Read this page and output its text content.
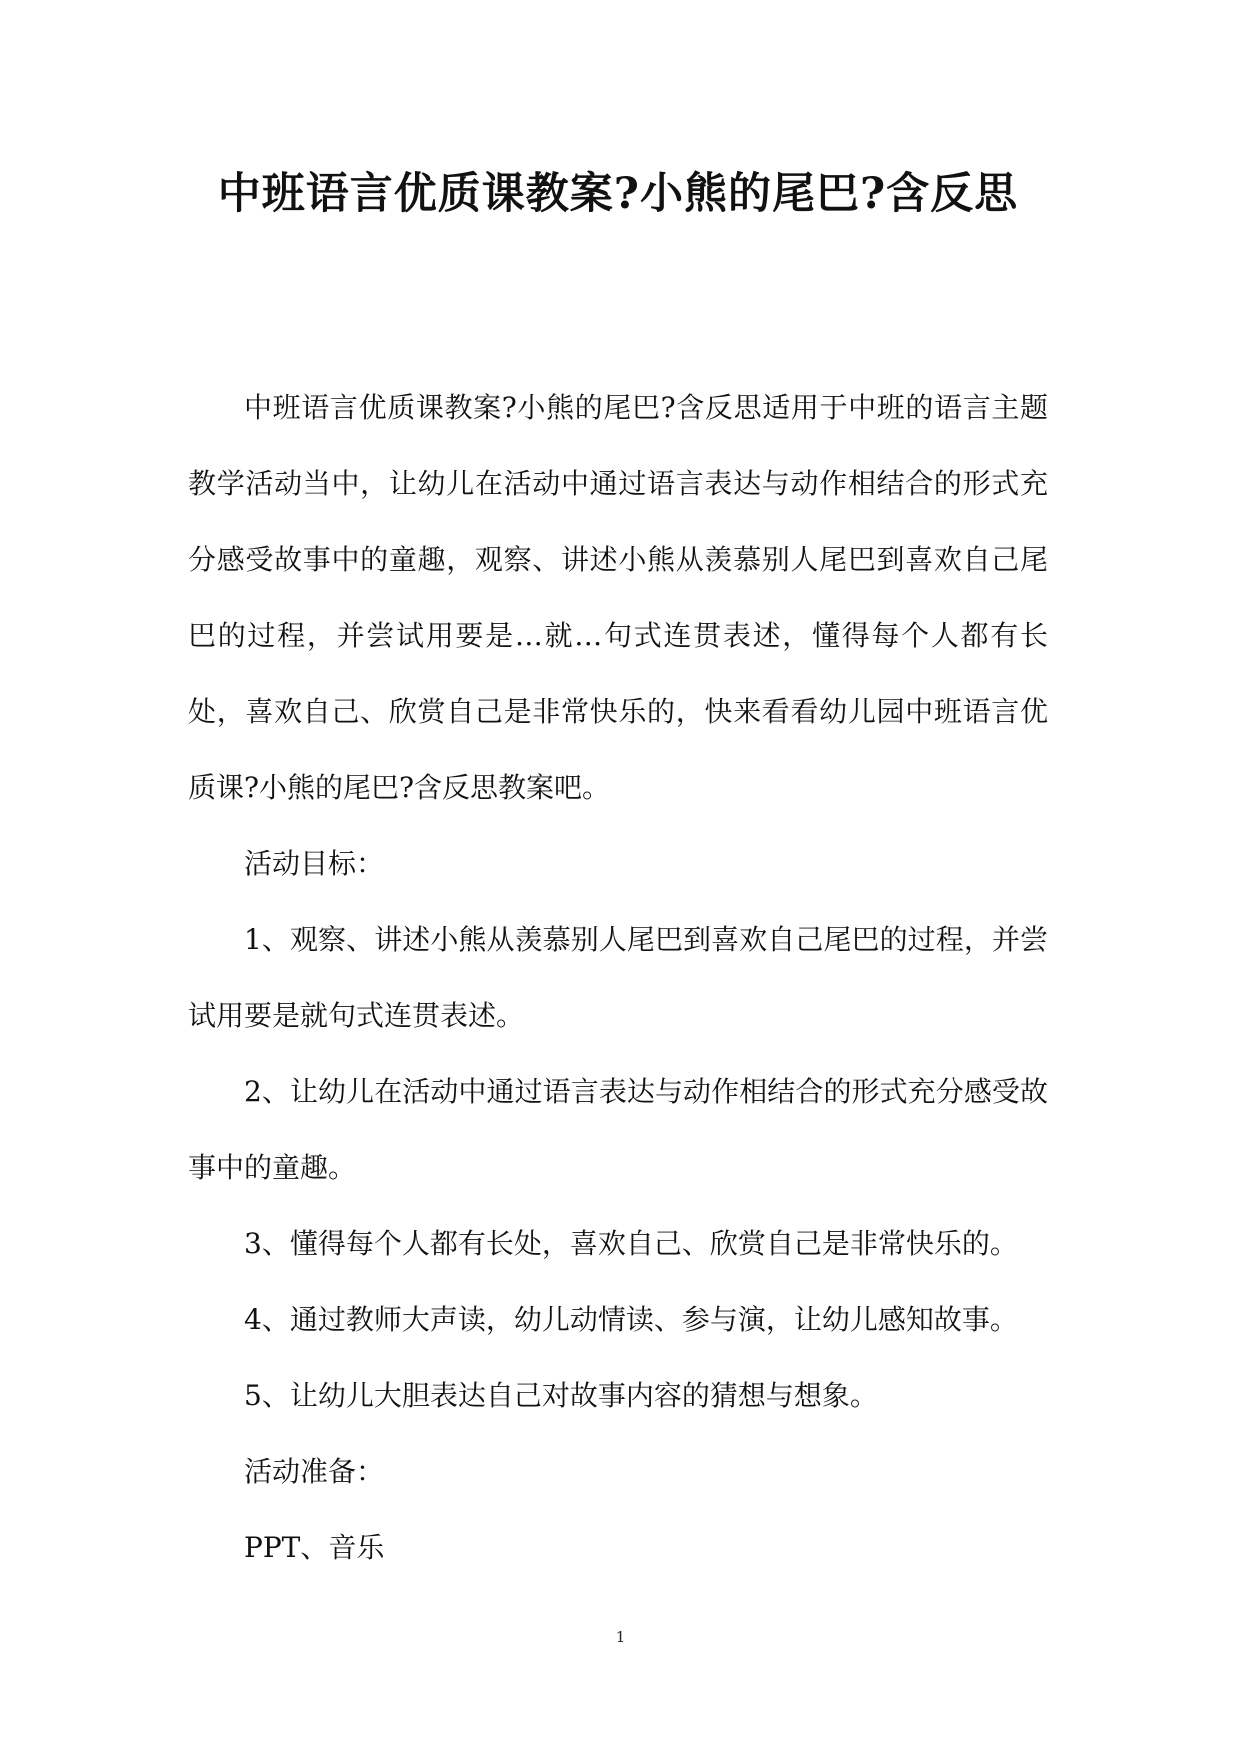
中班语言优质课教案?小熊的尾巴?含反思

中班语言优质课教案?小熊的尾巴?含反思适用于中班的语言主题教学活动当中，让幼儿在活动中通过语言表达与动作相结合的形式充分感受故事中的童趣，观察、讲述小熊从羡慕别人尾巴到喜欢自己尾巴的过程，并尝试用要是…就…句式连贯表述，懂得每个人都有长处，喜欢自己、欣赏自己是非常快乐的，快来看看幼儿园中班语言优质课?小熊的尾巴?含反思教案吧。

活动目标：

1、观察、讲述小熊从羡慕别人尾巴到喜欢自己尾巴的过程，并尝试用要是就句式连贯表述。

2、让幼儿在活动中通过语言表达与动作相结合的形式充分感受故事中的童趣。

3、懂得每个人都有长处，喜欢自己、欣赏自己是非常快乐的。

4、通过教师大声读，幼儿动情读、参与演，让幼儿感知故事。

5、让幼儿大胆表达自己对故事内容的猜想与想象。

活动准备：

PPT、音乐

1
